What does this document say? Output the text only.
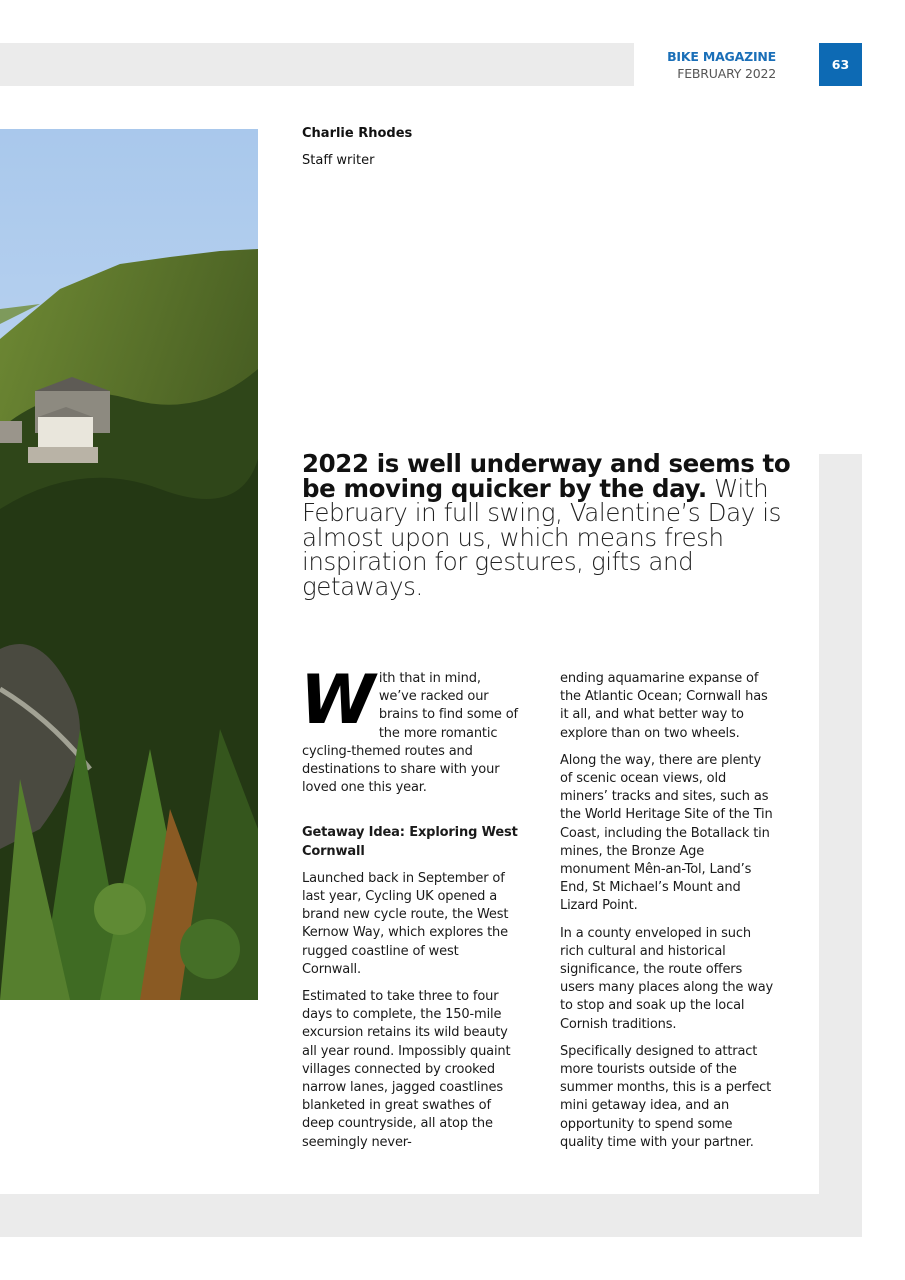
BIKE MAGAZINE
FEBRUARY 2022
63
Charlie Rhodes
Staff writer
2022 is well underway and seems to be moving quicker by the day. With February in full swing, Valentine’s Day is almost upon us, which means fresh inspiration for gestures, gifts and getaways.

With that in mind, we’ve racked our brains to find some of the more romantic cycling-themed routes and destinations to share with your loved one this year.

Getaway Idea: Exploring West Cornwall

Launched back in September of last year, Cycling UK opened a brand new cycle route, the West Kernow Way, which explores the rugged coastline of west Cornwall.

Estimated to take three to four days to complete, the 150-mile excursion retains its wild beauty all year round. Impossibly quaint villages connected by crooked narrow lanes, jagged coastlines blanketed in great swathes of deep countryside, all atop the seemingly never-

ending aquamarine expanse of the Atlantic Ocean; Cornwall has it all, and what better way to explore than on two wheels.

Along the way, there are plenty of scenic ocean views, old miners’ tracks and sites, such as the World Heritage Site of the Tin Coast, including the Botallack tin mines, the Bronze Age monument Mên-an-Tol, Land’s End, St Michael’s Mount and Lizard Point.

In a county enveloped in such rich cultural and historical significance, the route offers users many places along the way to stop and soak up the local Cornish traditions.

Specifically designed to attract more tourists outside of the summer months, this is a perfect mini getaway idea, and an opportunity to spend some quality time with your partner.
